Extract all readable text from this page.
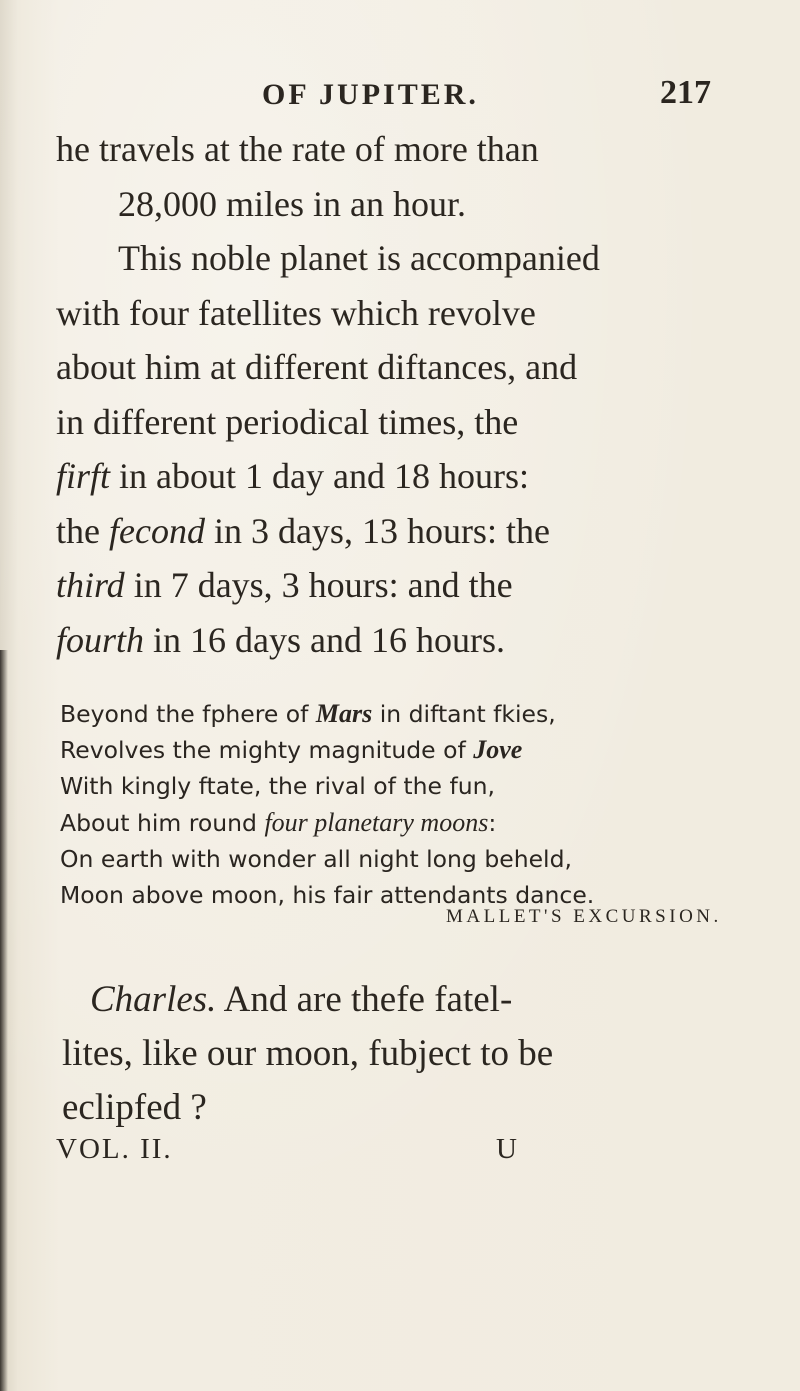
OF JUPITER.	217
he travels at the rate of more than
28,000 miles in an hour.
This noble planet is accompanied
with four fatellites which revolve
about him at different diftances, and
in different periodical times, the
firft in about 1 day and 18 hours:
the fecond in 3 days, 13 hours: the
third in 7 days, 3 hours: and the
fourth in 16 days and 16 hours.
Beyond the fphere of Mars in diftant fkies,
Revolves the mighty magnitude of Jove
With kingly ftate, the rival of the fun,
About him round four planetary moons:
On earth with wonder all night long beheld,
Moon above moon, his fair attendants dance.
MALLET'S EXCURSION.
Charles. And are thefe fatel-
lites, like our moon, fubject to be
eclipfed ?
VOL. II.	U
